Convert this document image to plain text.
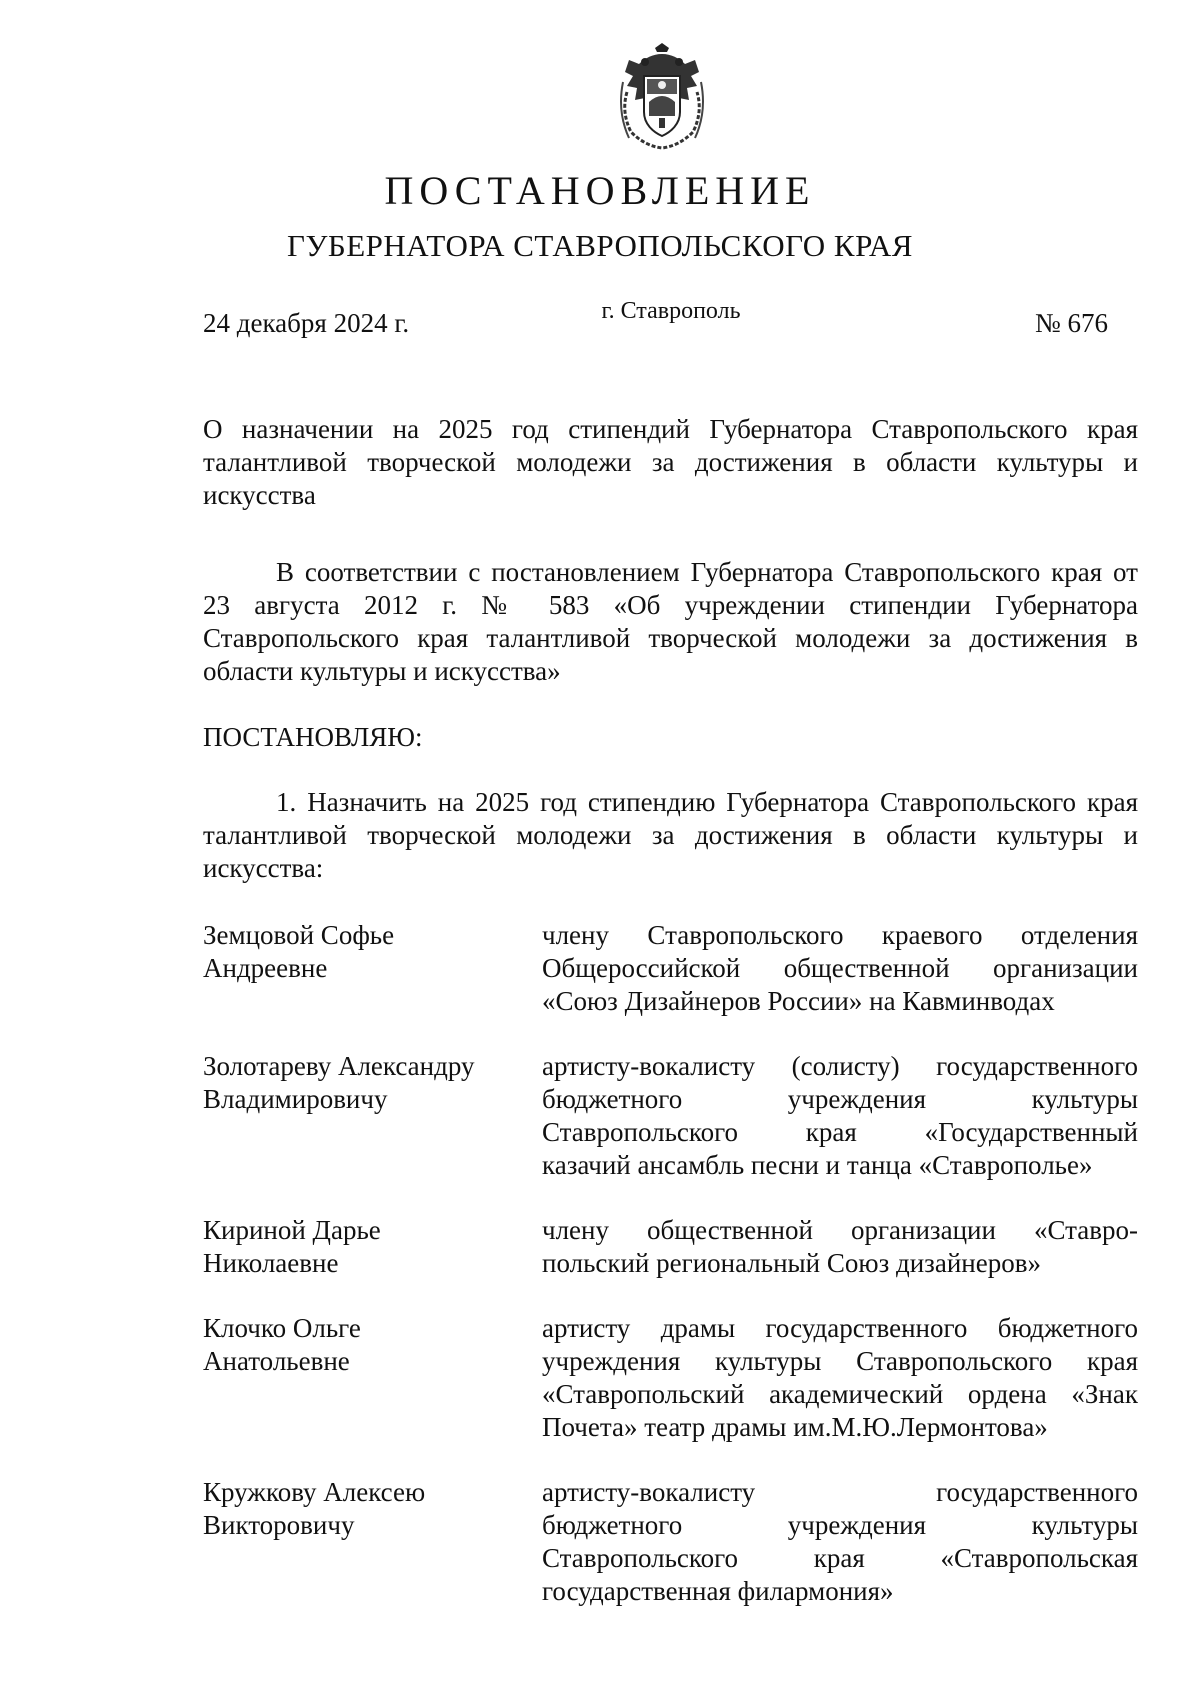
ПОСТАНОВЛЕНИЕ
ГУБЕРНАТОРА СТАВРОПОЛЬСКОГО КРАЯ
24 декабря 2024 г.	г. Ставрополь	№ 676
О назначении на 2025 год стипендий Губернатора Ставропольского края талантливой творческой молодежи за достижения в области культуры и искусства
В соответствии с постановлением Губернатора Ставропольского края от 23 августа 2012 г. № 583 «Об учреждении стипендии Губернатора Ставропольского края талантливой творческой молодежи за достижения в области культуры и искусства»
ПОСТАНОВЛЯЮ:
1. Назначить на 2025 год стипендию Губернатора Ставропольского края талантливой творческой молодежи за достижения в области культуры и искусства:
Земцовой Софье
Андреевне
члену Ставропольского краевого отделения
Общероссийской общественной организации
«Союз Дизайнеров России» на Кавминводах
Золотареву Александру
Владимировичу
артисту-вокалисту (солисту) государственного
бюджетного учреждения культуры
Ставропольского края «Государственный
казачий ансамбль песни и танца «Ставрополье»
Кириной Дарье
Николаевне
члену общественной организации «Ставро-
польский региональный Союз дизайнеров»
Клочко Ольге
Анатольевне
артисту драмы государственного бюджетного
учреждения культуры Ставропольского края
«Ставропольский академический ордена «Знак
Почета» театр драмы им.М.Ю.Лермонтова»
Кружкову Алексею
Викторовичу
артисту-вокалисту государственного
бюджетного учреждения культуры
Ставропольского края «Ставропольская
государственная филармония»
